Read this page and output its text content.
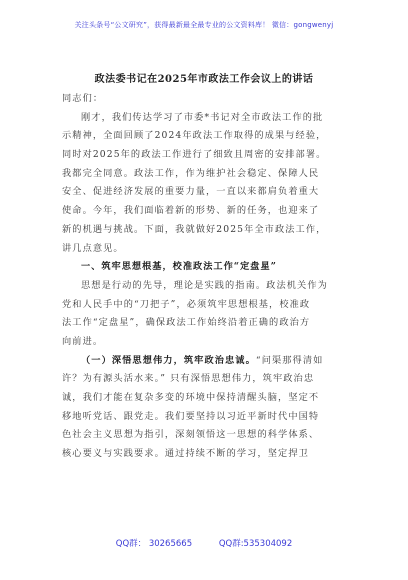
关注头条号“公文研究”，获得最新最全最专业的公文资料库！ 微信：gongwenyj
政法委书记在2025年市政法工作会议上的讲话
同志们：
刚才，我们传达学习了市委*书记对全市政法工作的批
示精神，全面回顾了2024年政法工作取得的成果与经验，
同时对2025年的政法工作进行了细致且周密的安排部署。
我都完全同意。政法工作，作为维护社会稳定、保障人民
安全、促进经济发展的重要力量，一直以来都肩负着重大
使命。今年，我们面临着新的形势、新的任务，也迎来了
新的机遇与挑战。下面，我就做好2025年全市政法工作，
讲几点意见。
一、筑牢思想根基，校准政法工作“定盘星”
思想是行动的先导，理论是实践的指南。政法机关作为
党和人民手中的“刀把子”，必须筑牢思想根基，校准政
法工作“定盘星”，确保政法工作始终沿着正确的政治方
向前进。
（一）深悟思想伟力，筑牢政治忠诚。“问渠那得清如
许？为有源头活水来。” 只有深悟思想伟力，筑牢政治忠
诚，我们才能在复杂多变的环境中保持清醒头脑，坚定不
移地听党话、跟党走。我们要坚持以习近平新时代中国特
色社会主义思想为指引，深刻领悟这一思想的科学体系、
核心要义与实践要求。通过持续不断的学习，坚定捍卫
QQ群： 30265665	QQ群:535304092
